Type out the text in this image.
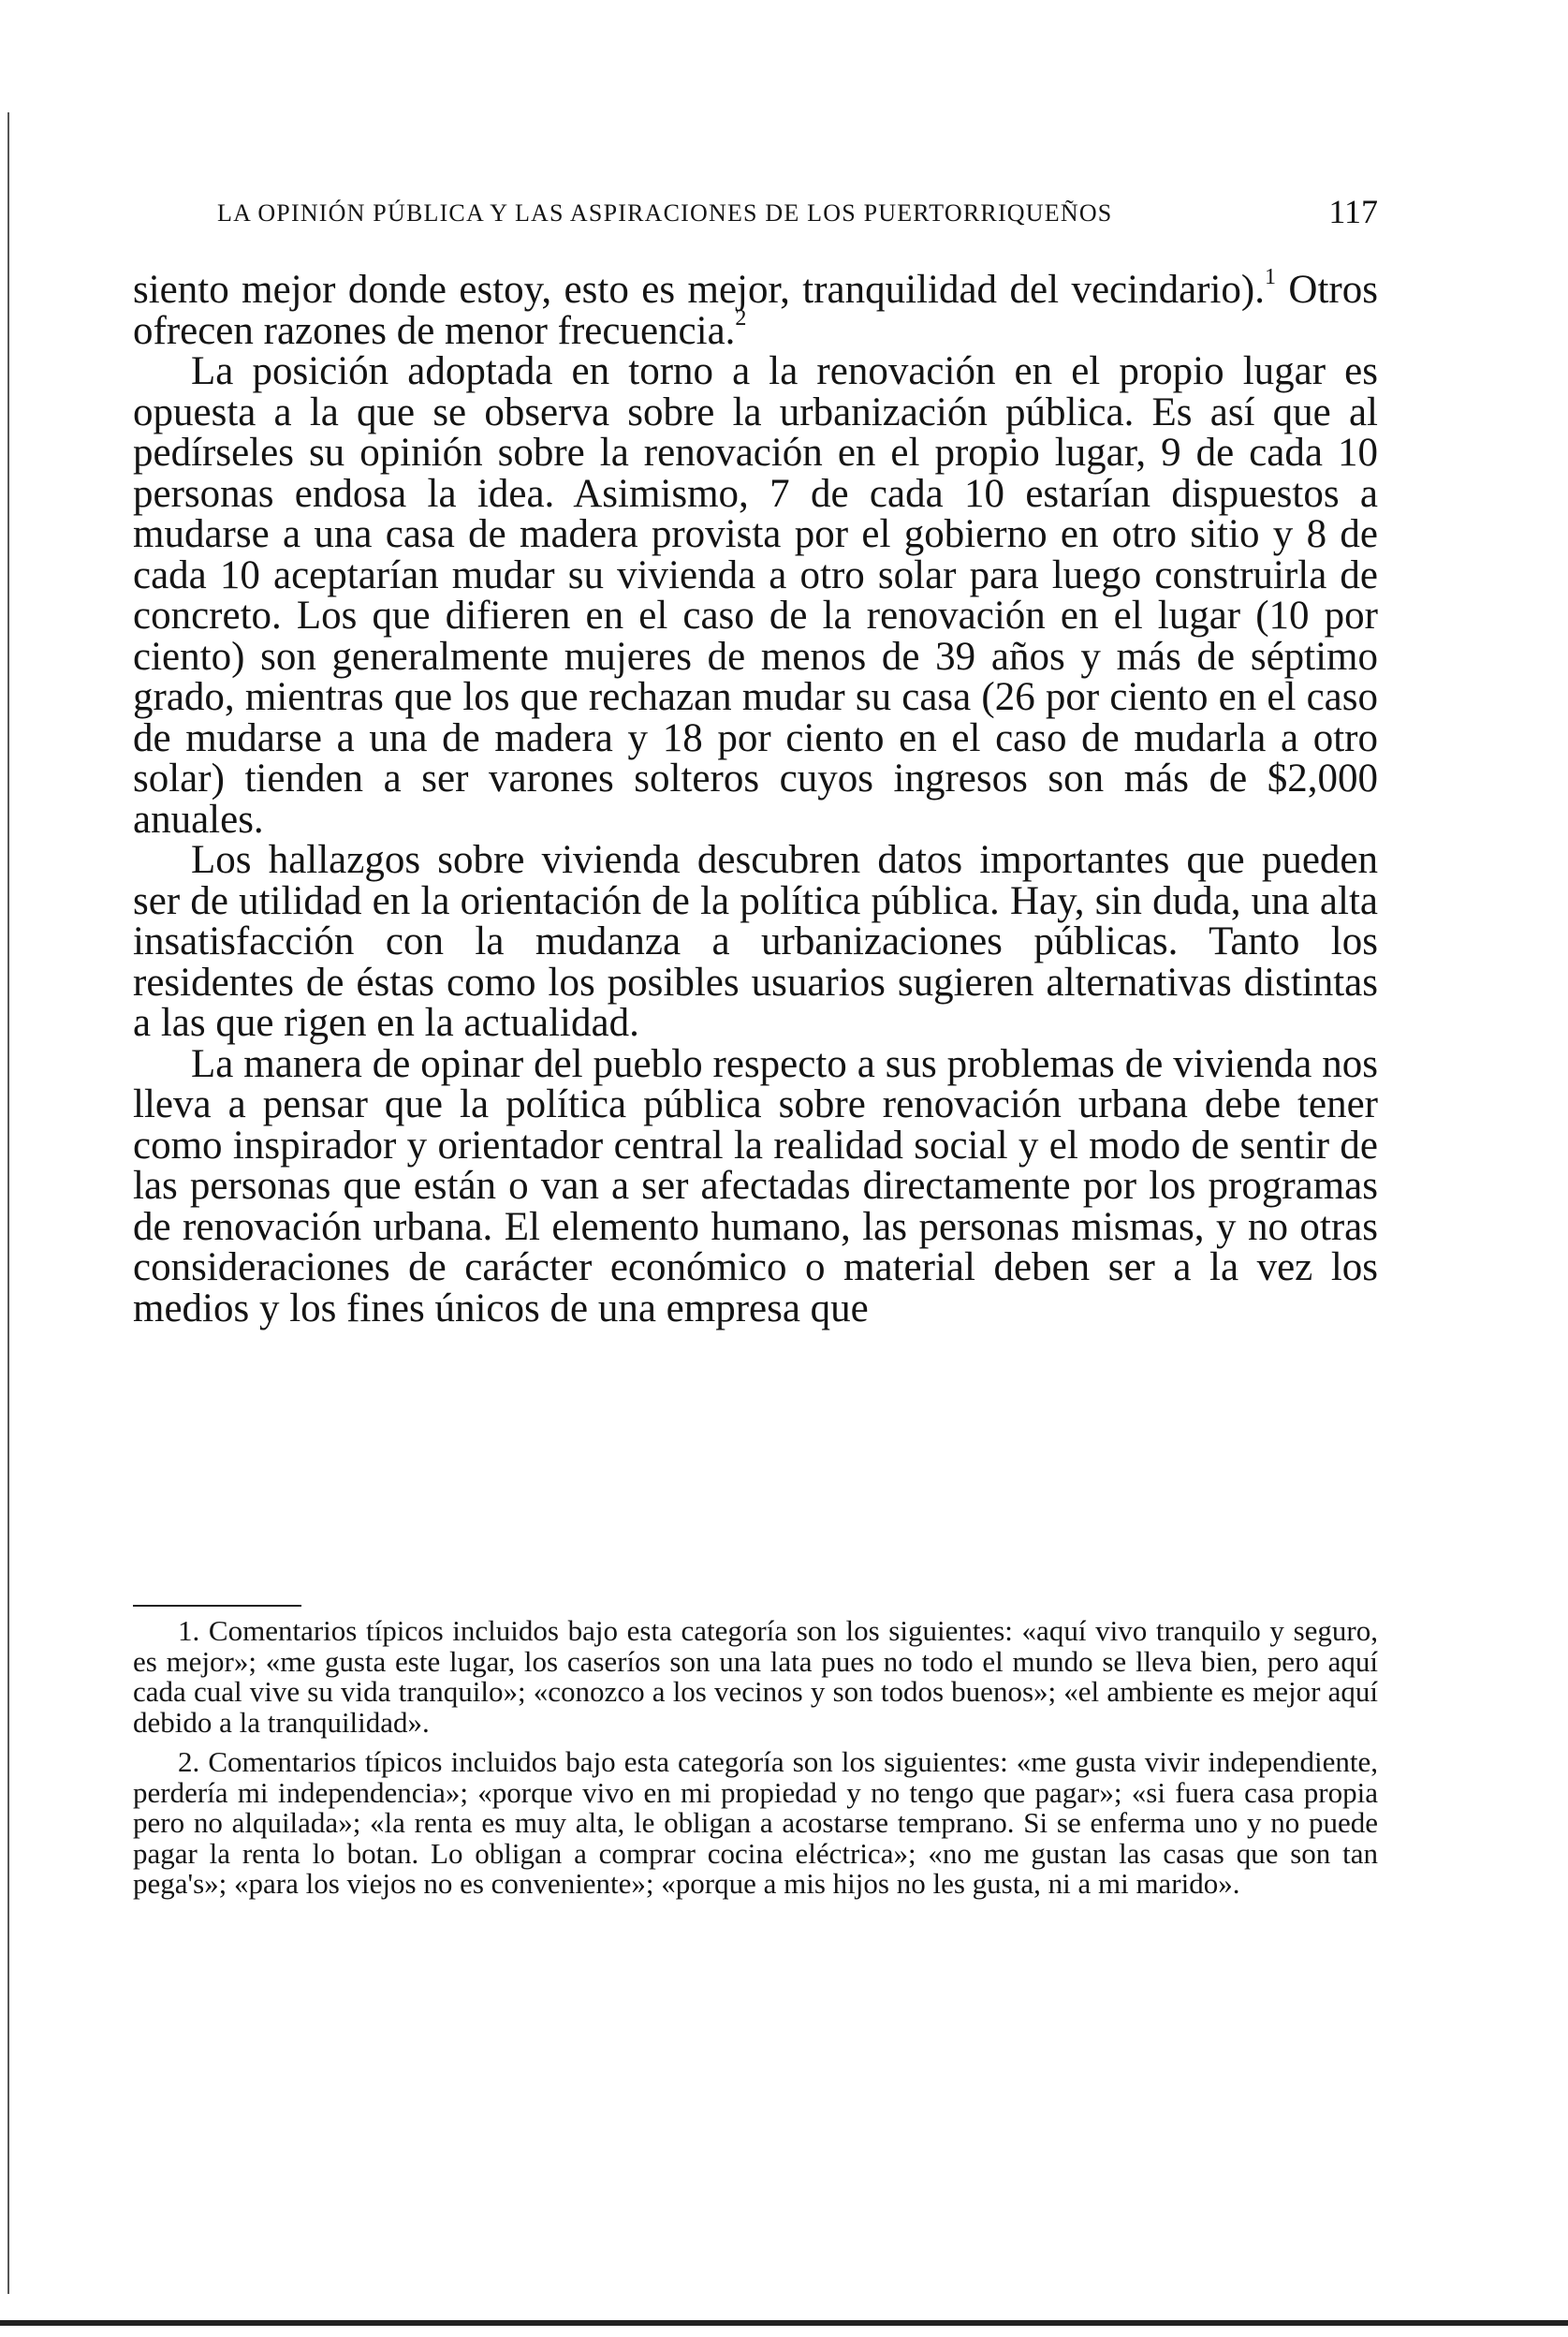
LA OPINIÓN PÚBLICA Y LAS ASPIRACIONES DE LOS PUERTORRIQUEÑOS	117

siento mejor donde estoy, esto es mejor, tranquilidad del vecindario).$^1$ Otros ofrecen razones de menor frecuencia.$^2$

La posición adoptada en torno a la renovación en el propio lugar es opuesta a la que se observa sobre la urbanización pública. Es así que al pedírseles su opinión sobre la renovación en el propio lugar, 9 de cada 10 personas endosa la idea. Asimismo, 7 de cada 10 estarían dispuestos a mudarse a una casa de madera provista por el gobierno en otro sitio y 8 de cada 10 aceptarían mudar su vivienda a otro solar para luego construirla de concreto. Los que difieren en el caso de la renovación en el lugar (10 por ciento) son generalmente mujeres de menos de 39 años y más de séptimo grado, mientras que los que rechazan mudar su casa (26 por ciento en el caso de mudarse a una de madera y 18 por ciento en el caso de mudarla a otro solar) tienden a ser varones solteros cuyos ingresos son más de $2,000 anuales.

Los hallazgos sobre vivienda descubren datos importantes que pueden ser de utilidad en la orientación de la política pública. Hay, sin duda, una alta insatisfacción con la mudanza a urbanizaciones públicas. Tanto los residentes de éstas como los posibles usuarios sugieren alternativas distintas a las que rigen en la actualidad.

La manera de opinar del pueblo respecto a sus problemas de vivienda nos lleva a pensar que la política pública sobre renovación urbana debe tener como inspirador y orientador central la realidad social y el modo de sentir de las personas que están o van a ser afectadas directamente por los programas de renovación urbana. El elemento humano, las personas mismas, y no otras consideraciones de carácter económico o material deben ser a la vez los medios y los fines únicos de una empresa que

1. Comentarios típicos incluidos bajo esta categoría son los siguientes: «aquí vivo tranquilo y seguro, es mejor»; «me gusta este lugar, los caseríos son una lata pues no todo el mundo se lleva bien, pero aquí cada cual vive su vida tranquilo»; «conozco a los vecinos y son todos buenos»; «el ambiente es mejor aquí debido a la tranquilidad».

2. Comentarios típicos incluidos bajo esta categoría son los siguientes: «me gusta vivir independiente, perdería mi independencia»; «porque vivo en mi propiedad y no tengo que pagar»; «si fuera casa propia pero no alquilada»; «la renta es muy alta, le obligan a acostarse temprano. Si se enferma uno y no puede pagar la renta lo botan. Lo obligan a comprar cocina eléctrica»; «no me gustan las casas que son tan pega's»; «para los viejos no es conveniente»; «porque a mis hijos no les gusta, ni a mi marido».
